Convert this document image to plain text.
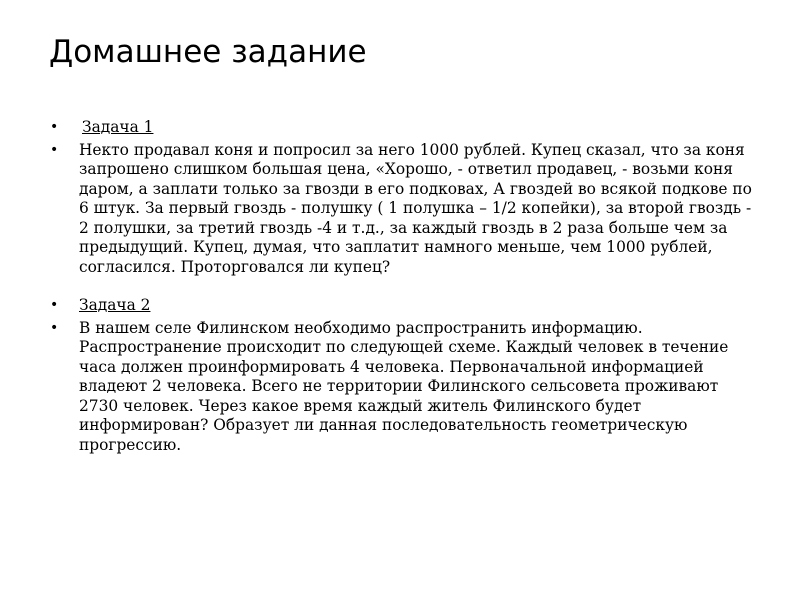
Домашнее задание
• Задача 1
• Некто продавал коня и попросил за него 1000 рублей. Купец сказал, что за коня запрошено слишком большая цена, «Хорошо, - ответил продавец, - возьми коня даром, а заплати только за гвозди в его подковах, А гвоздей во всякой подкове по 6 штук. За первый гвоздь - полушку ( 1 полушка – 1/2 копейки), за второй гвоздь - 2 полушки, за третий гвоздь -4 и т.д., за каждый гвоздь в 2 раза больше чем за предыдущий. Купец, думая, что заплатит намного меньше, чем 1000 рублей, согласился. Проторговался ли купец?
• Задача 2
• В нашем селе Филинском необходимо распространить информацию. Распространение происходит по следующей схеме. Каждый человек в течение часа должен проинформировать 4 человека. Первоначальной информацией владеют 2 человека. Всего не территории Филинского сельсовета проживают 2730 человек. Через какое время каждый житель Филинского будет информирован? Образует ли данная последовательность геометрическую прогрессию.
